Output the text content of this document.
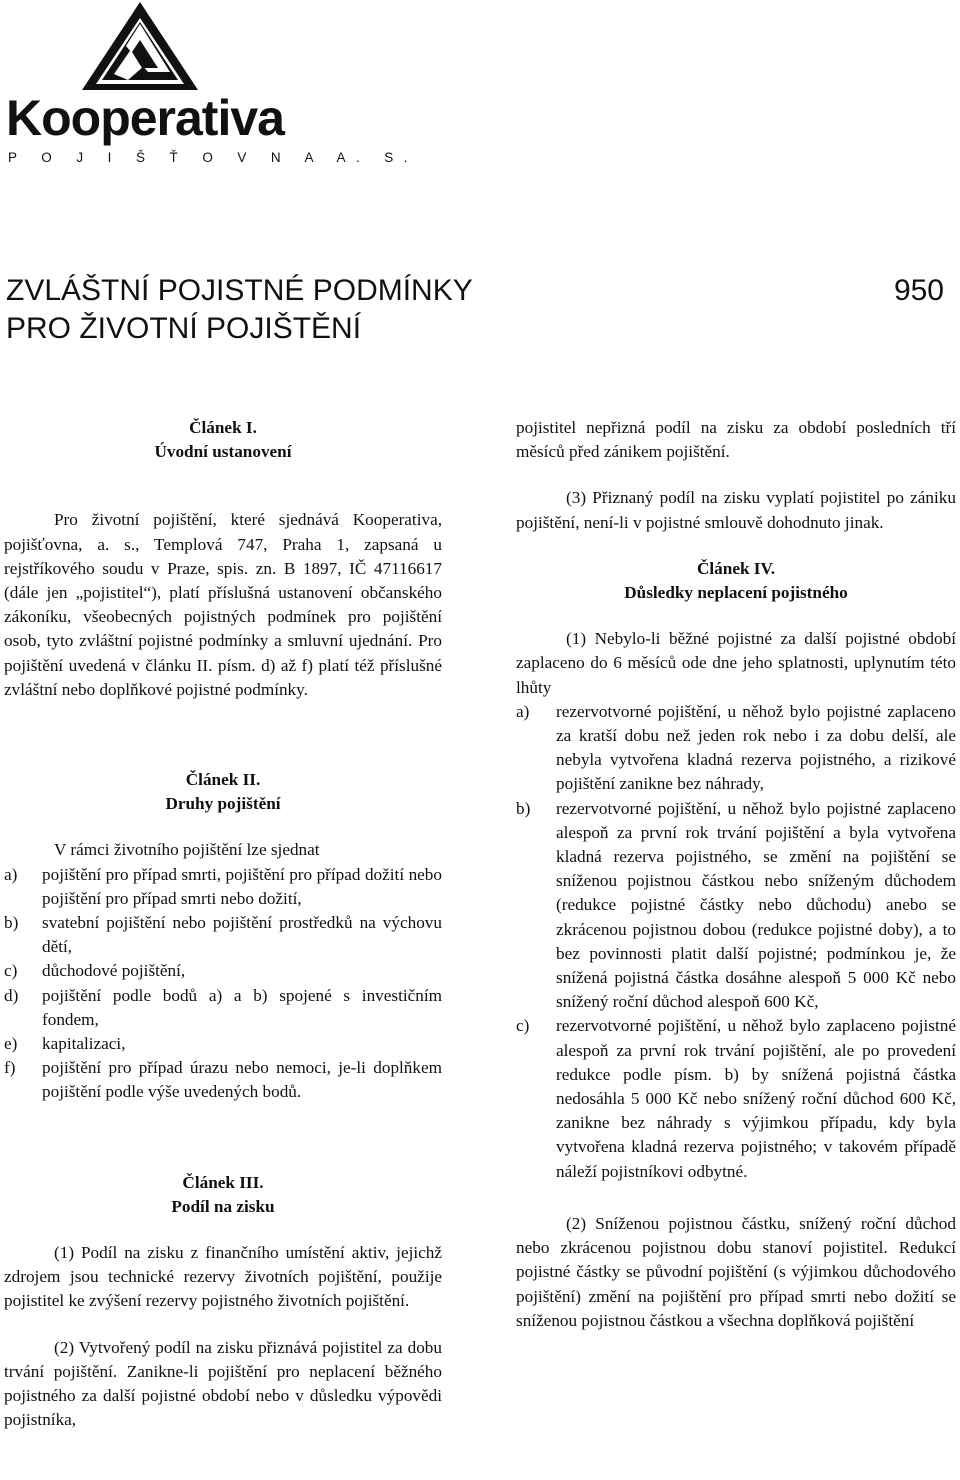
Kooperativa
P O J I Š Ť O V N A A. S.
ZVLÁŠTNÍ POJISTNÉ PODMÍNKY
PRO ŽIVOTNÍ POJIŠTĚNÍ
950
Článek I.
Úvodní ustanovení

Pro životní pojištění, které sjednává Kooperativa, pojišťovna, a. s., Templová 747, Praha 1, zapsaná u rejstříkového soudu v Praze, spis. zn. B 1897, IČ 47116617 (dále jen „pojistitel“), platí příslušná ustanovení občanského zákoníku, všeobecných pojistných podmínek pro pojištění osob, tyto zvláštní pojistné podmínky a smluvní ujednání. Pro pojištění uvedená v článku II. písm. d) až f) platí též příslušné zvláštní nebo doplňkové pojistné podmínky.

Článek II.
Druhy pojištění

V rámci životního pojištění lze sjednat

a) pojištění pro případ smrti, pojištění pro případ dožití nebo pojištění pro případ smrti nebo dožití,
b) svatební pojištění nebo pojištění prostředků na výchovu dětí,
c) důchodové pojištění,
d) pojištění podle bodů a) a b) spojené s investičním fondem,
e) kapitalizaci,
f) pojištění pro případ úrazu nebo nemoci, je-li doplňkem pojištění podle výše uvedených bodů.
Článek III.
Podíl na zisku

(1) Podíl na zisku z finančního umístění aktiv, jejichž zdrojem jsou technické rezervy životních pojištění, použije pojistitel ke zvýšení rezervy pojistného životních pojištění.

(2) Vytvořený podíl na zisku přiznává pojistitel za dobu trvání pojištění. Zanikne-li pojištění pro neplacení běžného pojistného za další pojistné období nebo v důsledku výpovědi pojistníka,

pojistitel nepřizná podíl na zisku za období posledních tří měsíců před zánikem pojištění.

(3) Přiznaný podíl na zisku vyplatí pojistitel po zániku pojištění, není-li v pojistné smlouvě dohodnuto jinak.

Článek IV.
Důsledky neplacení pojistného

(1) Nebylo-li běžné pojistné za další pojistné období zaplaceno do 6 měsíců ode dne jeho splatnosti, uplynutím této lhůty

a) rezervotvorné pojištění, u něhož bylo pojistné zaplaceno za kratší dobu než jeden rok nebo i za dobu delší, ale nebyla vytvořena kladná rezerva pojistného, a rizikové pojištění zanikne bez náhrady,
b) rezervotvorné pojištění, u něhož bylo pojistné zaplaceno alespoň za první rok trvání pojištění a byla vytvořena kladná rezerva pojistného, se změní na pojištění se sníženou pojistnou částkou nebo sníženým důchodem (redukce pojistné částky nebo důchodu) anebo se zkrácenou pojistnou dobou (redukce pojistné doby), a to bez povinnosti platit další pojistné; podmínkou je, že snížená pojistná částka dosáhne alespoň 5 000 Kč nebo snížený roční důchod alespoň 600 Kč,
c) rezervotvorné pojištění, u něhož bylo zaplaceno pojistné alespoň za první rok trvání pojištění, ale po provedení redukce podle písm. b) by snížená pojistná částka nedosáhla 5 000 Kč nebo snížený roční důchod 600 Kč, zanikne bez náhrady s výjimkou případu, kdy byla vytvořena kladná rezerva pojistného; v takovém případě náleží pojistníkovi odbytné.

(2) Sníženou pojistnou částku, snížený roční důchod nebo zkrácenou pojistnou dobu stanoví pojistitel. Redukcí pojistné částky se původní pojištění (s výjimkou důchodového pojištění) změní na pojištění pro případ smrti nebo dožití se sníženou pojistnou částkou a všechna doplňková pojištění
